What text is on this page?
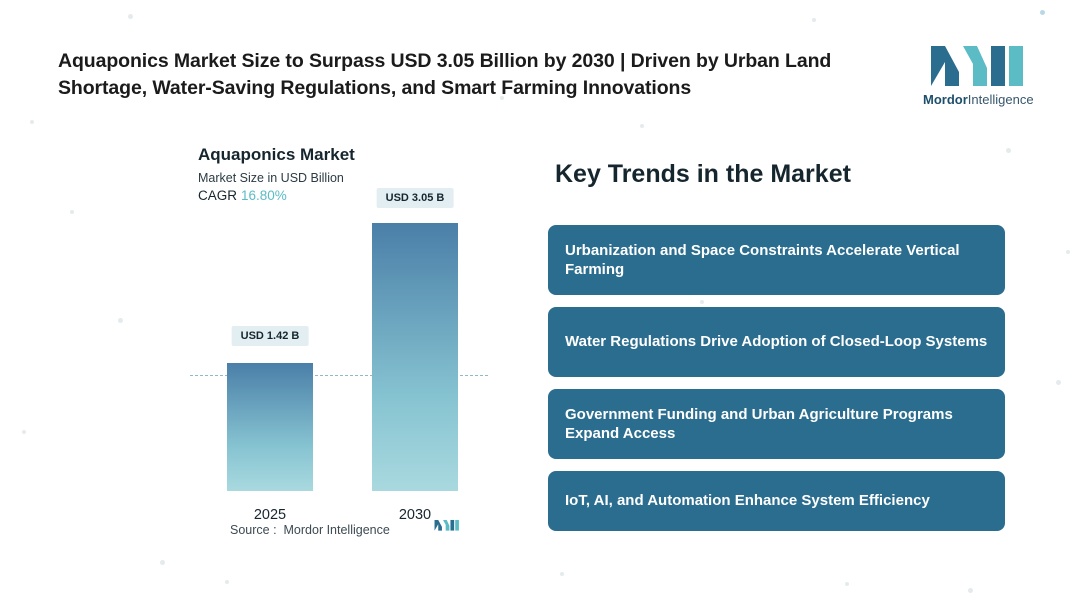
Aquaponics Market Size to Surpass USD 3.05 Billion by 2030 | Driven by Urban Land Shortage, Water-Saving Regulations, and Smart Farming Innovations
MordorIntelligence
Aquaponics Market
Market Size in USD Billion
CAGR 16.80%
USD 1.42 B
2025
USD 3.05 B
2030
Source : Mordor Intelligence
Key Trends in the Market
Urbanization and Space Constraints Accelerate Vertical Farming
Water Regulations Drive Adoption of Closed-Loop Systems
Government Funding and Urban Agriculture Programs Expand Access
IoT, AI, and Automation Enhance System Efficiency
